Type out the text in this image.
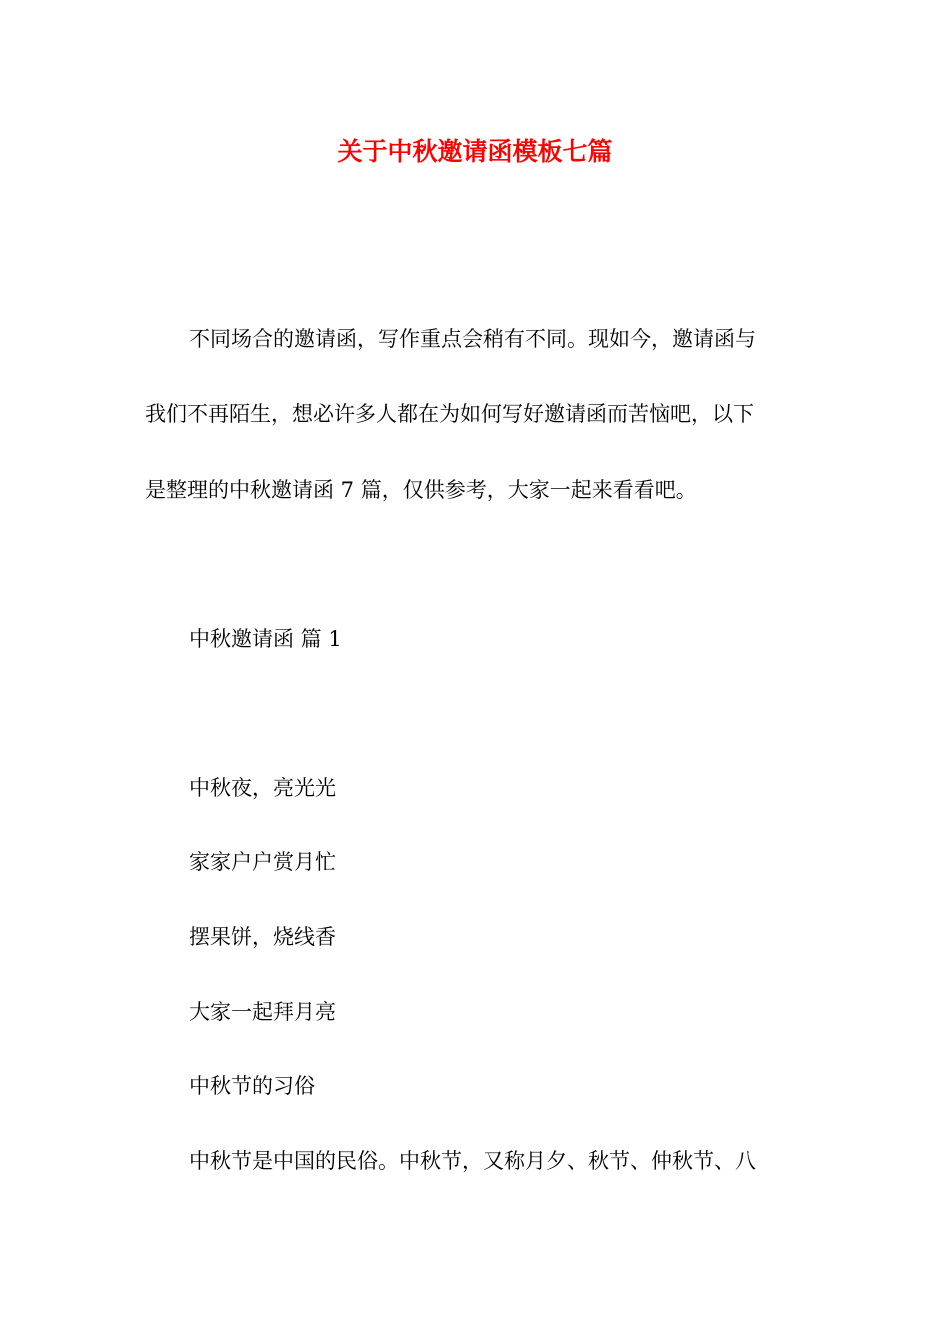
关于中秋邀请函模板七篇

不同场合的邀请函，写作重点会稍有不同。现如今，邀请函与

我们不再陌生，想必许多人都在为如何写好邀请函而苦恼吧，以下

是整理的中秋邀请函 7 篇，仅供参考，大家一起来看看吧。

中秋邀请函 篇 1

中秋夜，亮光光

家家户户赏月忙

摆果饼，烧线香

大家一起拜月亮

中秋节的习俗

中秋节是中国的民俗。中秋节，又称月夕、秋节、仲秋节、八
